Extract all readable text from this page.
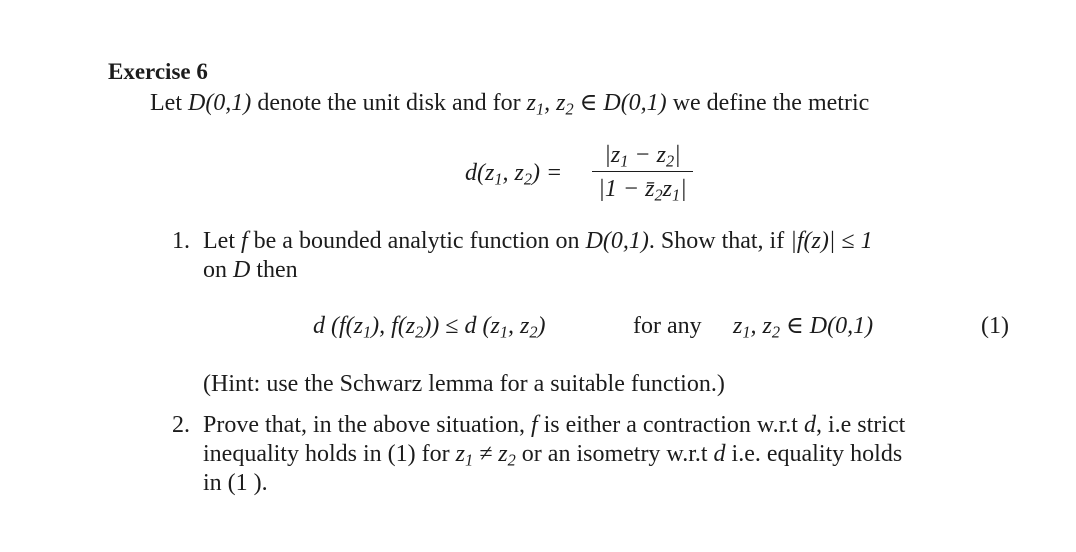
Exercise 6
Let D(0,1) denote the unit disk and for $z_1$, $z_2$ ∈ D(0,1) we define the metric
$d(z_1$, $z_2$) =
$|z_1 - z_2|$
$|1 - z̄_2z_1|$
1. Let f be a bounded analytic function on D(0,1). Show that, if |f(z)| ≤ 1
on D then
d ($f(z_1)$, $f(z_2)) \le d$ ($z_1$, $z_2$)	for any $z_1$, $z_2$ ∈ D(0,1)	(1)
(Hint: use the Schwarz lemma for a suitable function.)
2. Prove that, in the above situation, f is either a contraction w.r.t d, i.e strict
inequality holds in (1) for $z_1 \ne z_2$ or an isometry w.r.t d i.e. equality holds
in (1 ).
